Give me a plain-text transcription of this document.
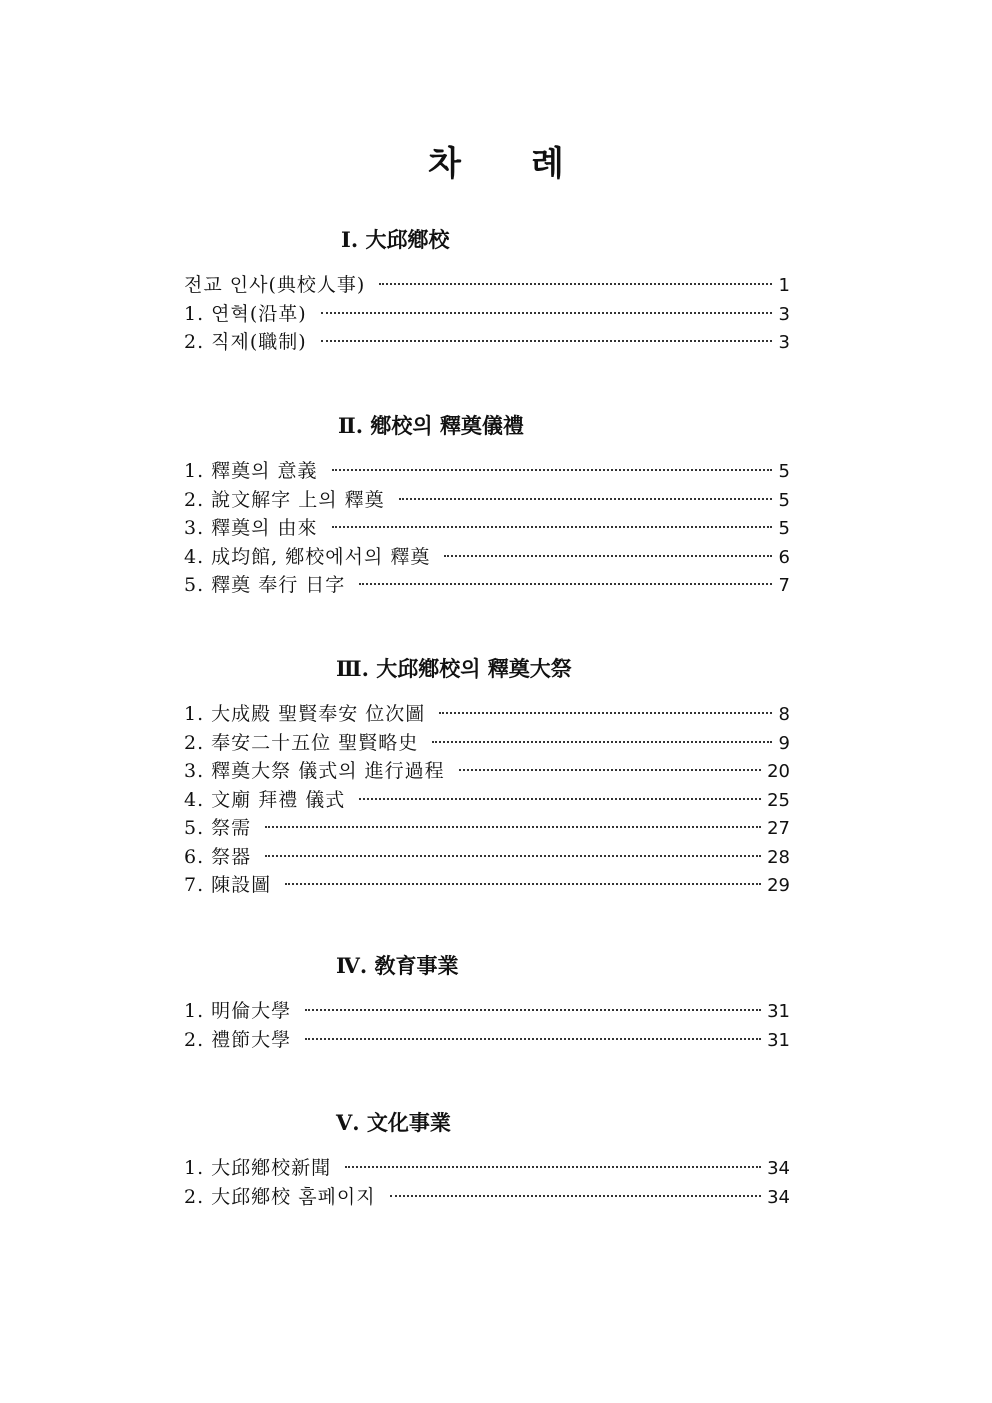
차 례
Ⅰ. 大邱鄕校
전교 인사(典校人事)	1
1. 연혁(沿革)	3
2. 직제(職制)	3
Ⅱ. 鄕校의 釋奠儀禮
1. 釋奠의 意義	5
2. 說文解字 上의 釋奠	5
3. 釋奠의 由來	5
4. 成均館, 鄕校에서의 釋奠	6
5. 釋奠 奉行 日字	7
Ⅲ. 大邱鄕校의 釋奠大祭
1. 大成殿 聖賢奉安 位次圖	8
2. 奉安二十五位 聖賢略史	9
3. 釋奠大祭 儀式의 進行過程	20
4. 文廟 拜禮 儀式	25
5. 祭需	27
6. 祭器	28
7. 陳設圖	29
Ⅳ. 敎育事業
1. 明倫大學	31
2. 禮節大學	31
Ⅴ. 文化事業
1. 大邱鄕校新聞	34
2. 大邱鄕校 홈페이지	34
